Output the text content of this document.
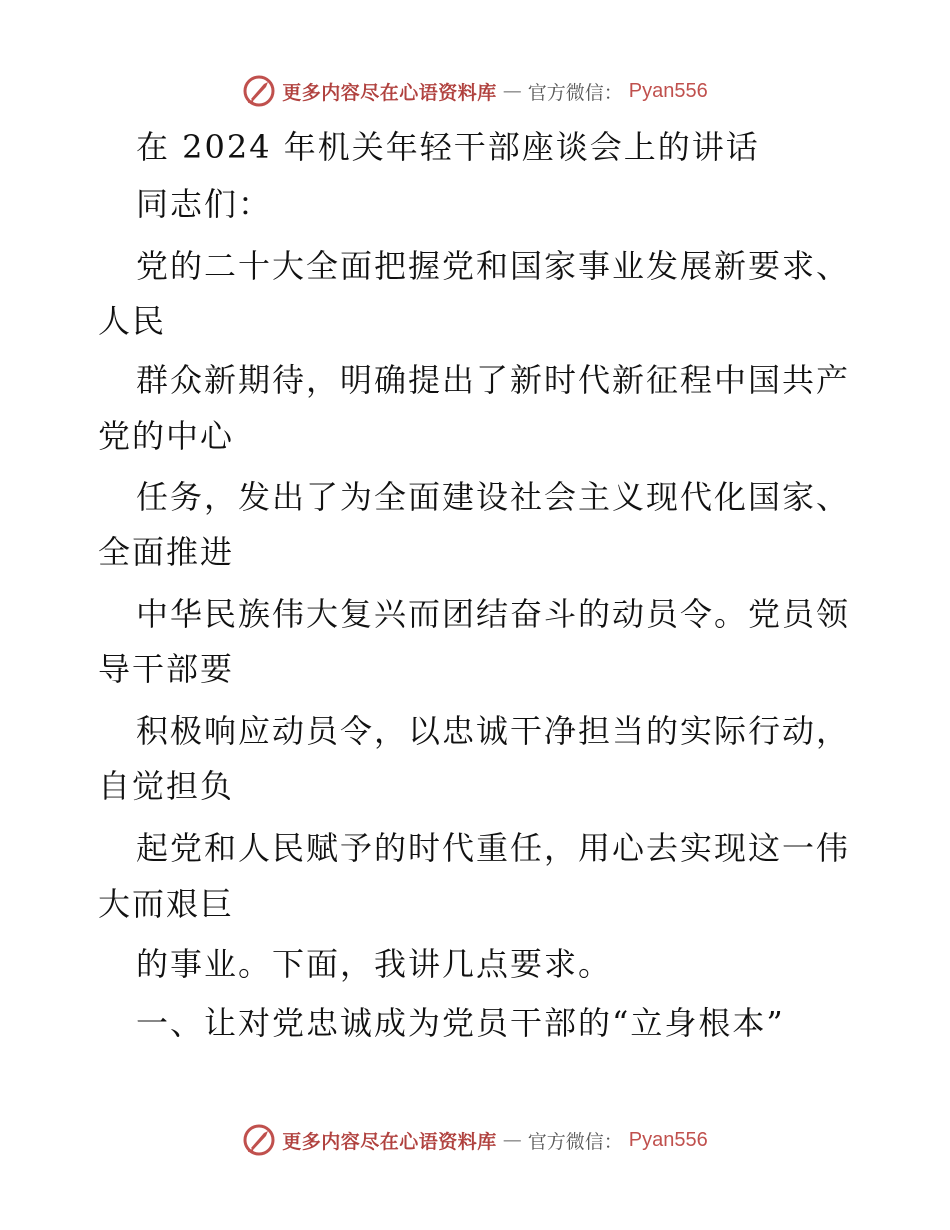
更多内容尽在心语资料库 — 官方微信： Pyan556
在 2024 年机关年轻干部座谈会上的讲话
同志们：
党的二十大全面把握党和国家事业发展新要求、
人民
群众新期待，明确提出了新时代新征程中国共产
党的中心
任务，发出了为全面建设社会主义现代化国家、
全面推进
中华民族伟大复兴而团结奋斗的动员令。党员领
导干部要
积极响应动员令，以忠诚干净担当的实际行动，
自觉担负
起党和人民赋予的时代重任，用心去实现这一伟
大而艰巨
的事业。下面，我讲几点要求。
一、让对党忠诚成为党员干部的“立身根本”
更多内容尽在心语资料库 — 官方微信： Pyan556
